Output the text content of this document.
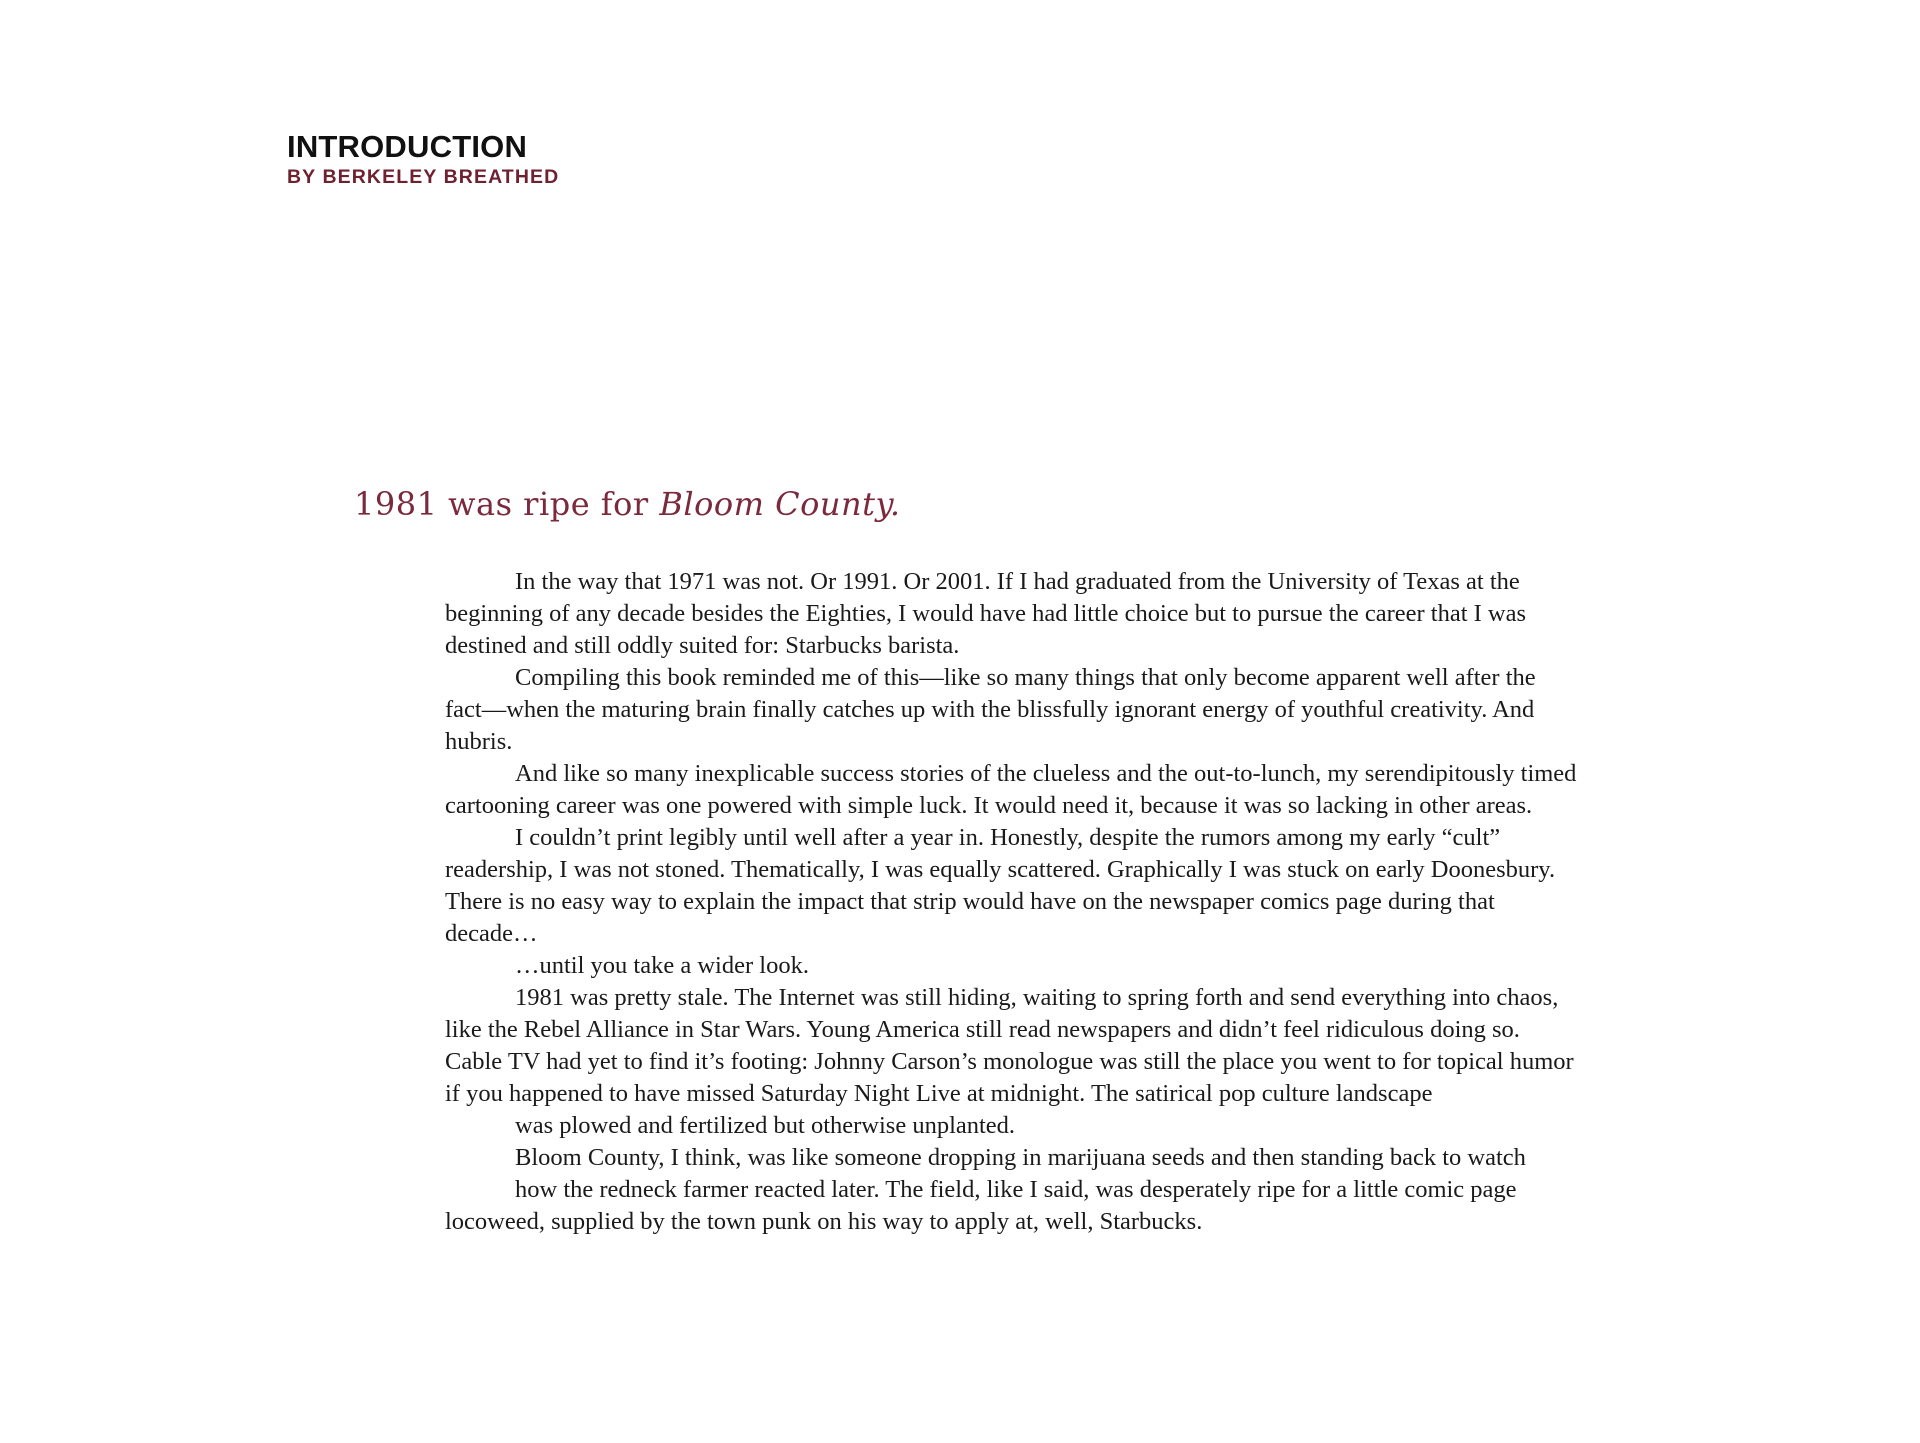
INTRODUCTION
BY BERKELEY BREATHED
1981 was ripe for Bloom County.
In the way that 1971 was not. Or 1991. Or 2001. If I had graduated from the University of Texas at the
beginning of any decade besides the Eighties, I would have had little choice but to pursue the career that I was
destined and still oddly suited for: Starbucks barista.
Compiling this book reminded me of this—like so many things that only become apparent well after the
fact—when the maturing brain finally catches up with the blissfully ignorant energy of youthful creativity. And
hubris.
And like so many inexplicable success stories of the clueless and the out-to-lunch, my serendipitously timed
cartooning career was one powered with simple luck. It would need it, because it was so lacking in other areas.
I couldn’t print legibly until well after a year in. Honestly, despite the rumors among my early “cult”
readership, I was not stoned. Thematically, I was equally scattered. Graphically I was stuck on early Doonesbury.
There is no easy way to explain the impact that strip would have on the newspaper comics page during that
decade…
…until you take a wider look.
1981 was pretty stale. The Internet was still hiding, waiting to spring forth and send everything into chaos,
like the Rebel Alliance in Star Wars. Young America still read newspapers and didn’t feel ridiculous doing so.
Cable TV had yet to find it’s footing: Johnny Carson’s monologue was still the place you went to for topical humor
if you happened to have missed Saturday Night Live at midnight. The satirical pop culture landscape
was plowed and fertilized but otherwise unplanted.
Bloom County, I think, was like someone dropping in marijuana seeds and then standing back to watch
how the redneck farmer reacted later. The field, like I said, was desperately ripe for a little comic page
locoweed, supplied by the town punk on his way to apply at, well, Starbucks.
